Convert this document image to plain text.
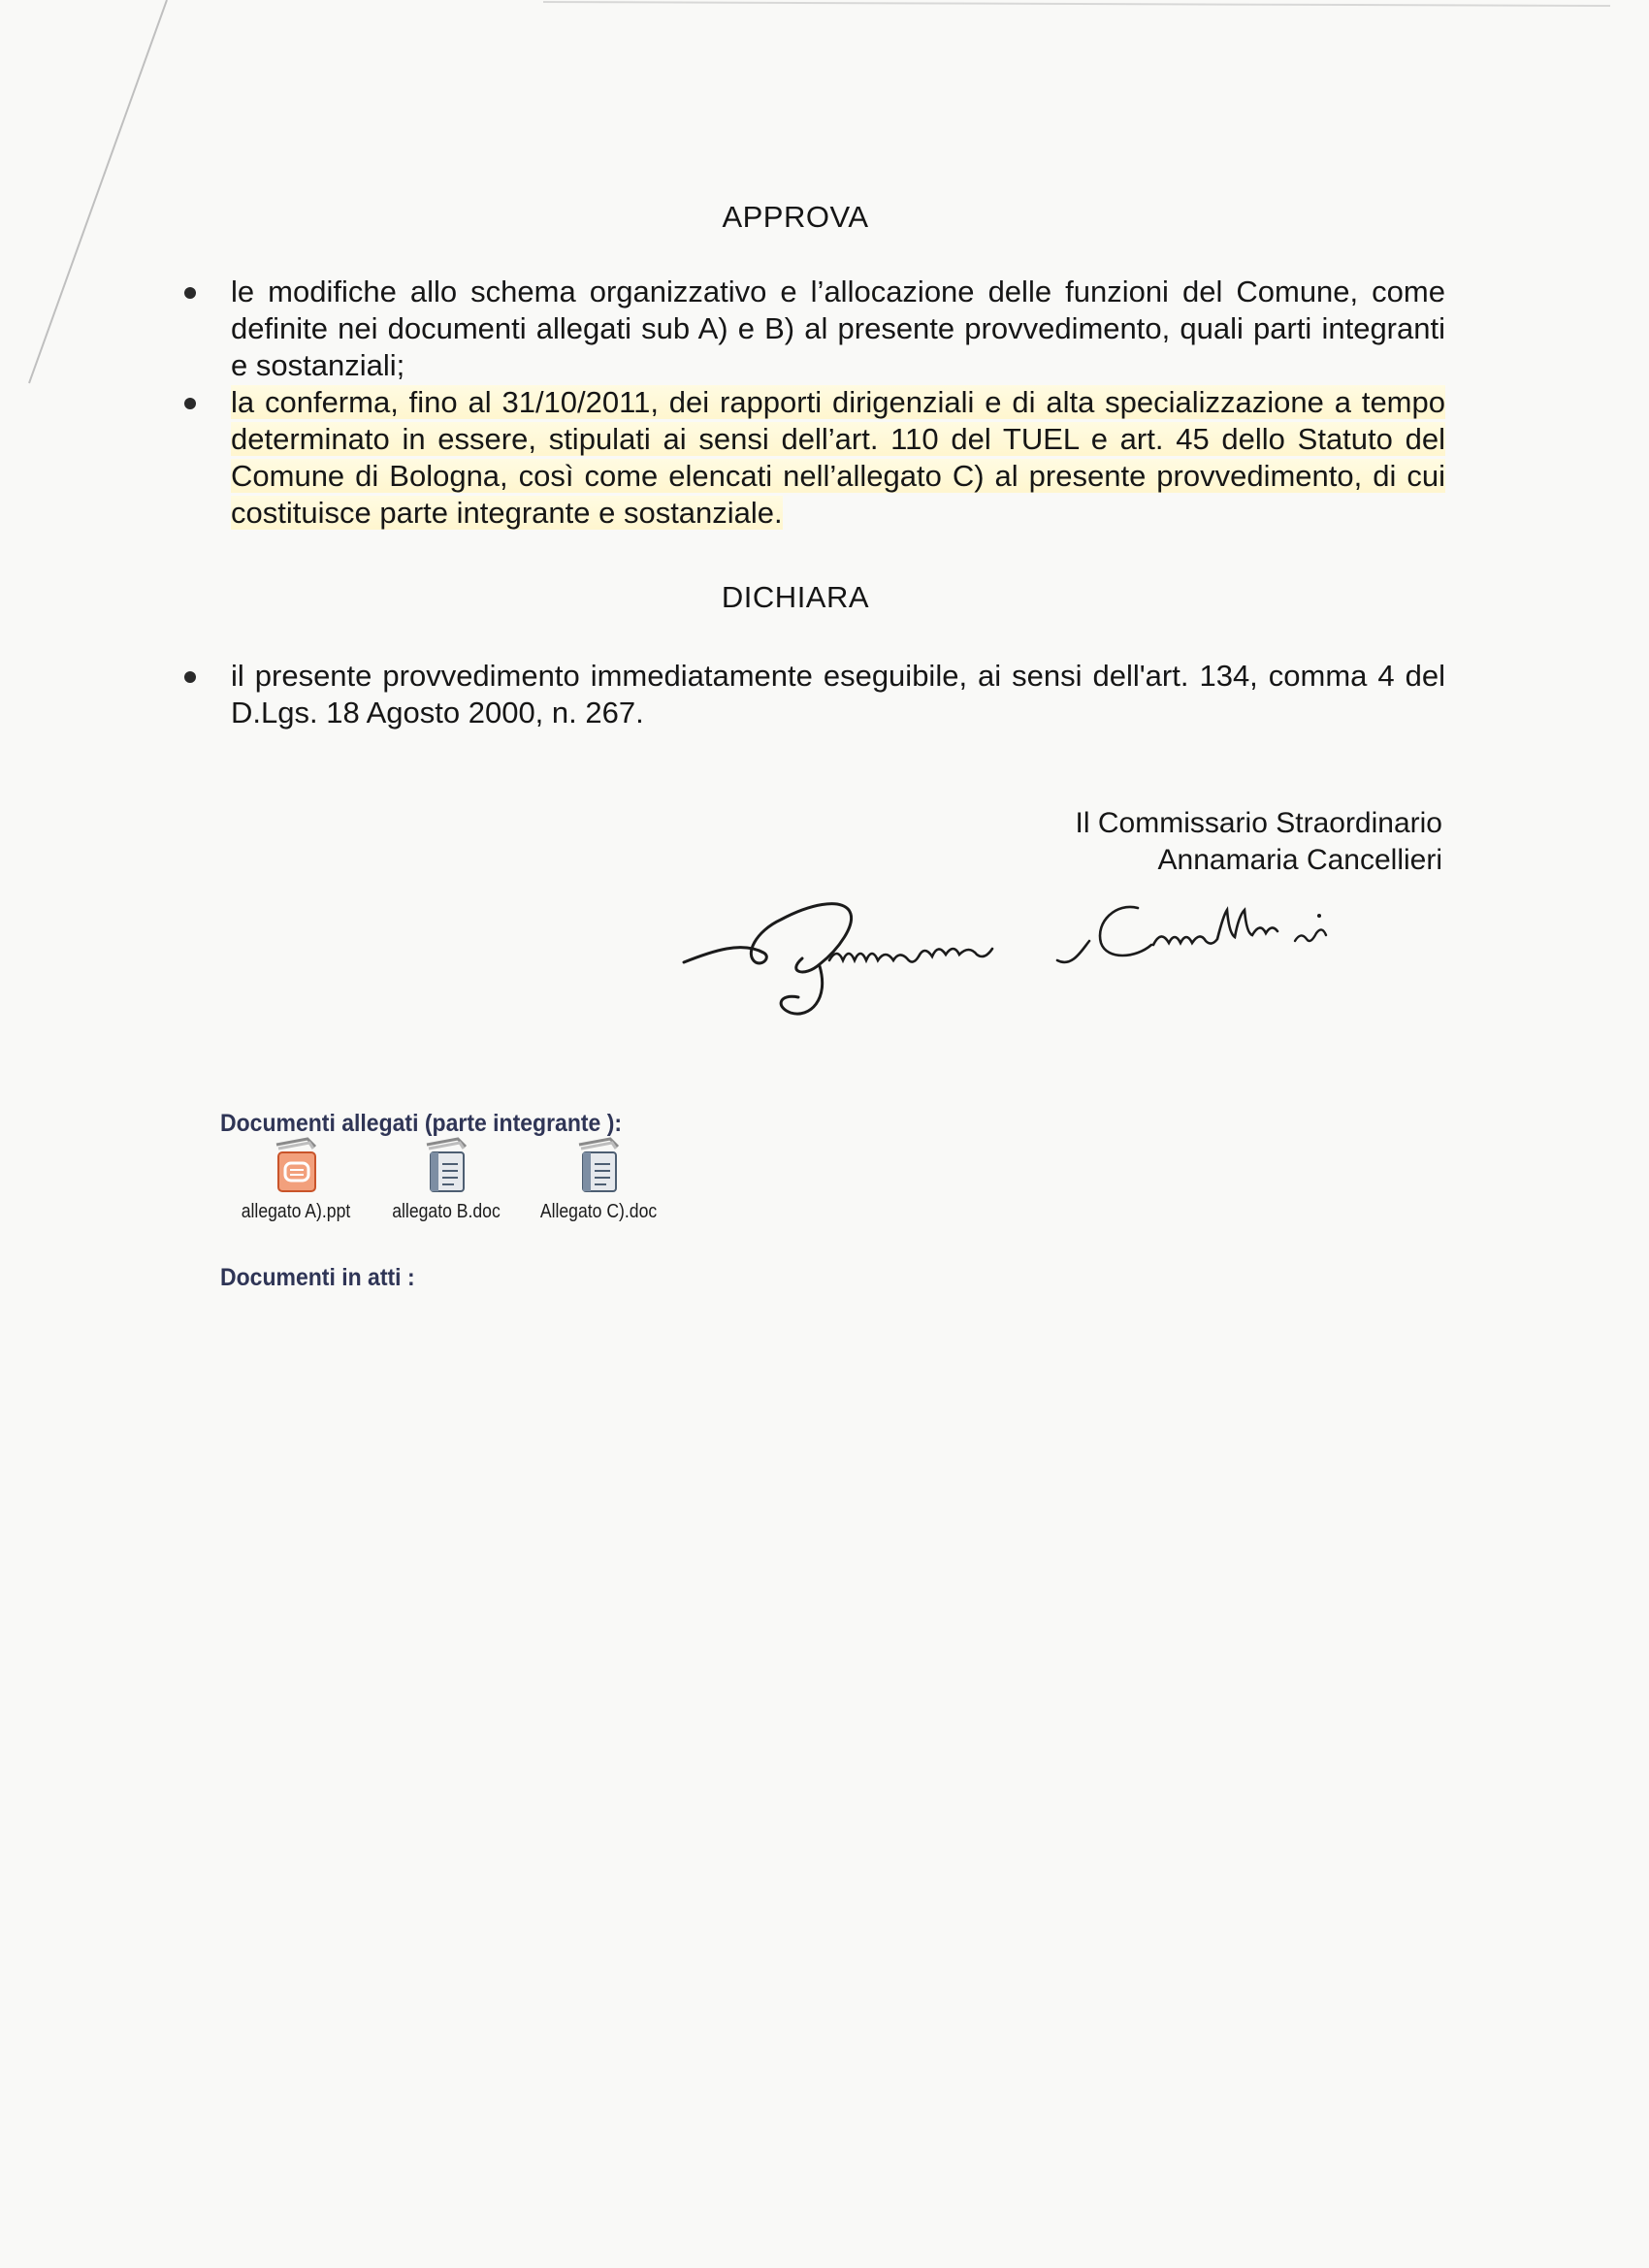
APPROVA
le modifiche allo schema organizzativo e l’allocazione delle funzioni del Comune, come definite nei documenti allegati sub A) e B) al presente provvedimento, quali parti integranti e sostanziali;
la conferma, fino al 31/10/2011, dei rapporti dirigenziali e di alta specializzazione a tempo determinato in essere, stipulati ai sensi dell’art. 110 del TUEL e art. 45 dello Statuto del Comune di Bologna, così come elencati nell’allegato C) al presente provvedimento, di cui costituisce parte integrante e sostanziale.
DICHIARA
il presente provvedimento immediatamente eseguibile, ai sensi dell'art. 134, comma 4 del D.Lgs. 18 Agosto 2000, n. 267.
Il Commissario Straordinario
Annamaria Cancellieri
Documenti allegati (parte integrante ):
allegato A).ppt	allegato B.doc	Allegato C).doc
Documenti in atti :
